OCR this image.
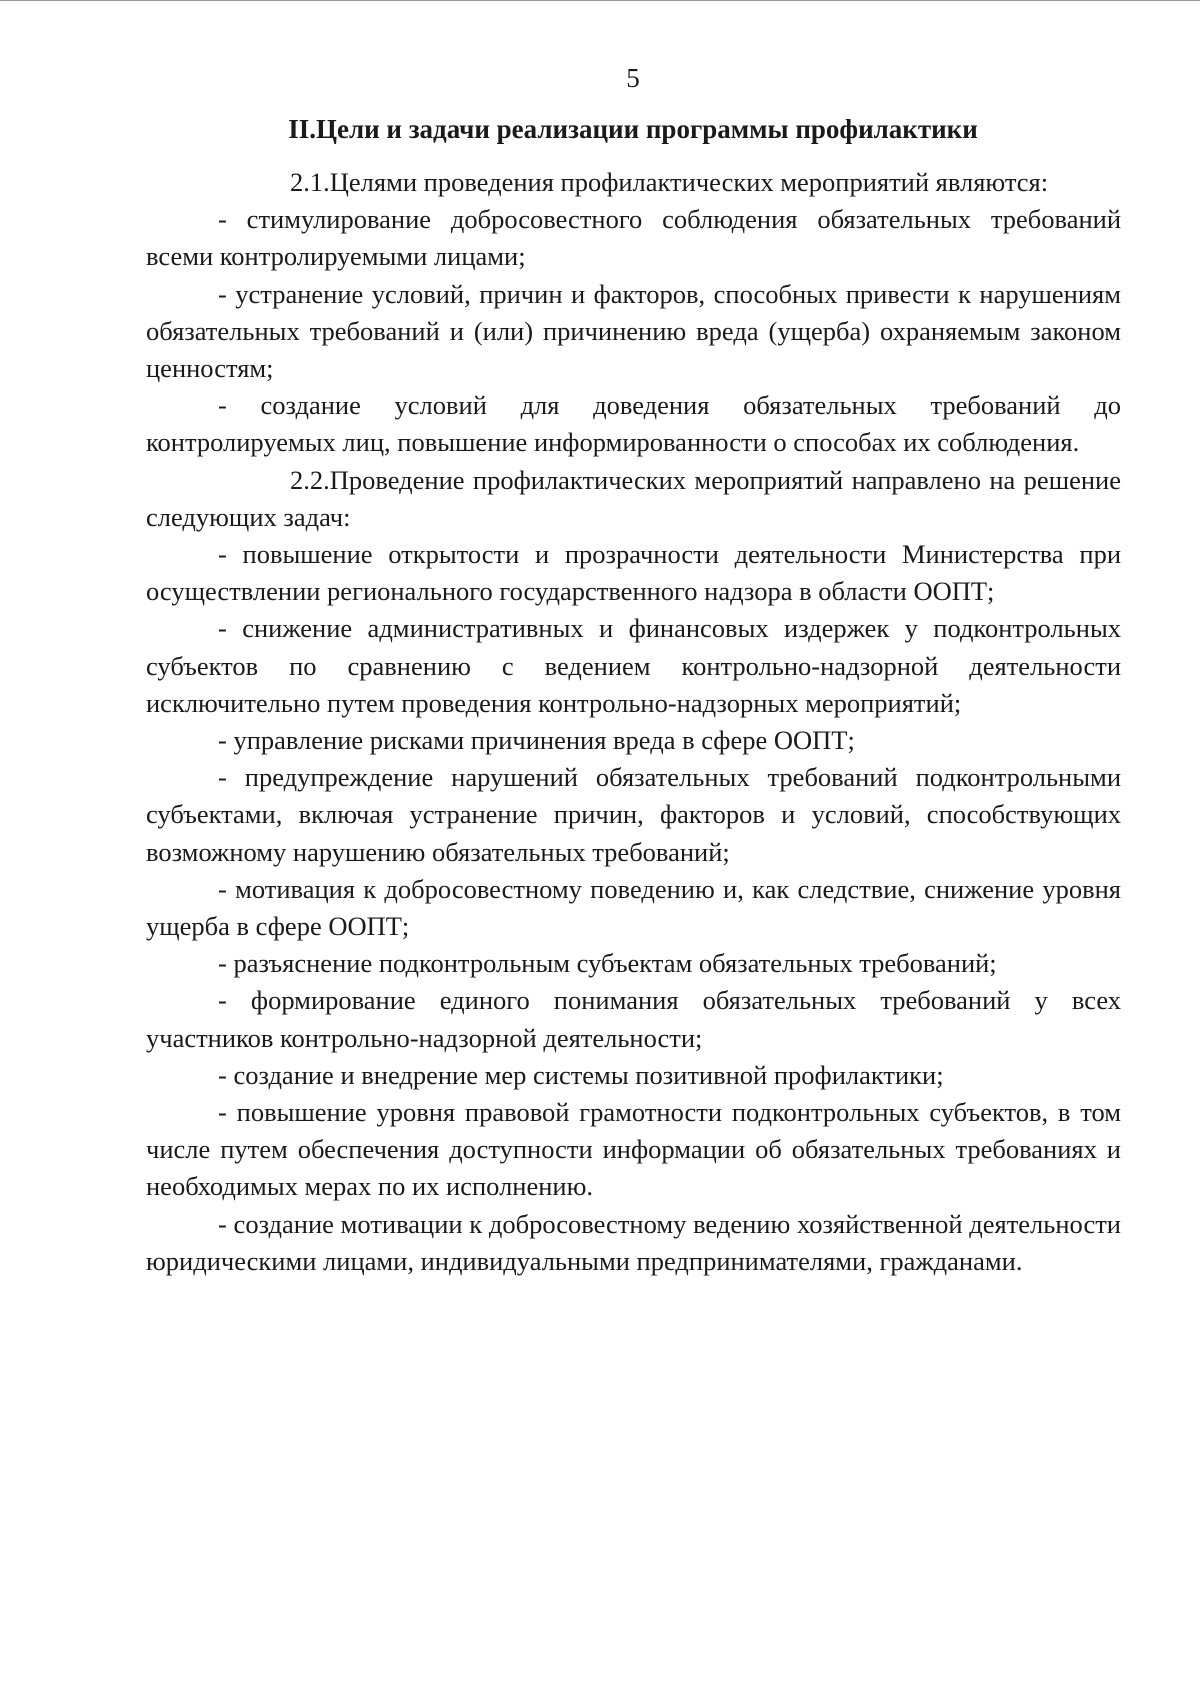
5
II.Цели и задачи реализации программы профилактики

2.1.Целями проведения профилактических мероприятий являются:

- стимулирование добросовестного соблюдения обязательных требований всеми контролируемыми лицами;

- устранение условий, причин и факторов, способных привести к нарушениям обязательных требований и (или) причинению вреда (ущерба) охраняемым законом ценностям;

- создание условий для доведения обязательных требований до контролируемых лиц, повышение информированности о способах их соблюдения.

2.2.Проведение профилактических мероприятий направлено на решение следующих задач:

- повышение открытости и прозрачности деятельности Министерства при осуществлении регионального государственного надзора в области ООПТ;

- снижение административных и финансовых издержек у подконтрольных субъектов по сравнению с ведением контрольно-надзорной деятельности исключительно путем проведения контрольно-надзорных мероприятий;

- управление рисками причинения вреда в сфере ООПТ;

- предупреждение нарушений обязательных требований подконтрольными субъектами, включая устранение причин, факторов и условий, способствующих возможному нарушению обязательных требований;

- мотивация к добросовестному поведению и, как следствие, снижение уровня ущерба в сфере ООПТ;

- разъяснение подконтрольным субъектам обязательных требований;

- формирование единого понимания обязательных требований у всех участников контрольно-надзорной деятельности;

- создание и внедрение мер системы позитивной профилактики;

- повышение уровня правовой грамотности подконтрольных субъектов, в том числе путем обеспечения доступности информации об обязательных требованиях и необходимых мерах по их исполнению.

- создание мотивации к добросовестному ведению хозяйственной деятельности юридическими лицами, индивидуальными предпринимателями, гражданами.
